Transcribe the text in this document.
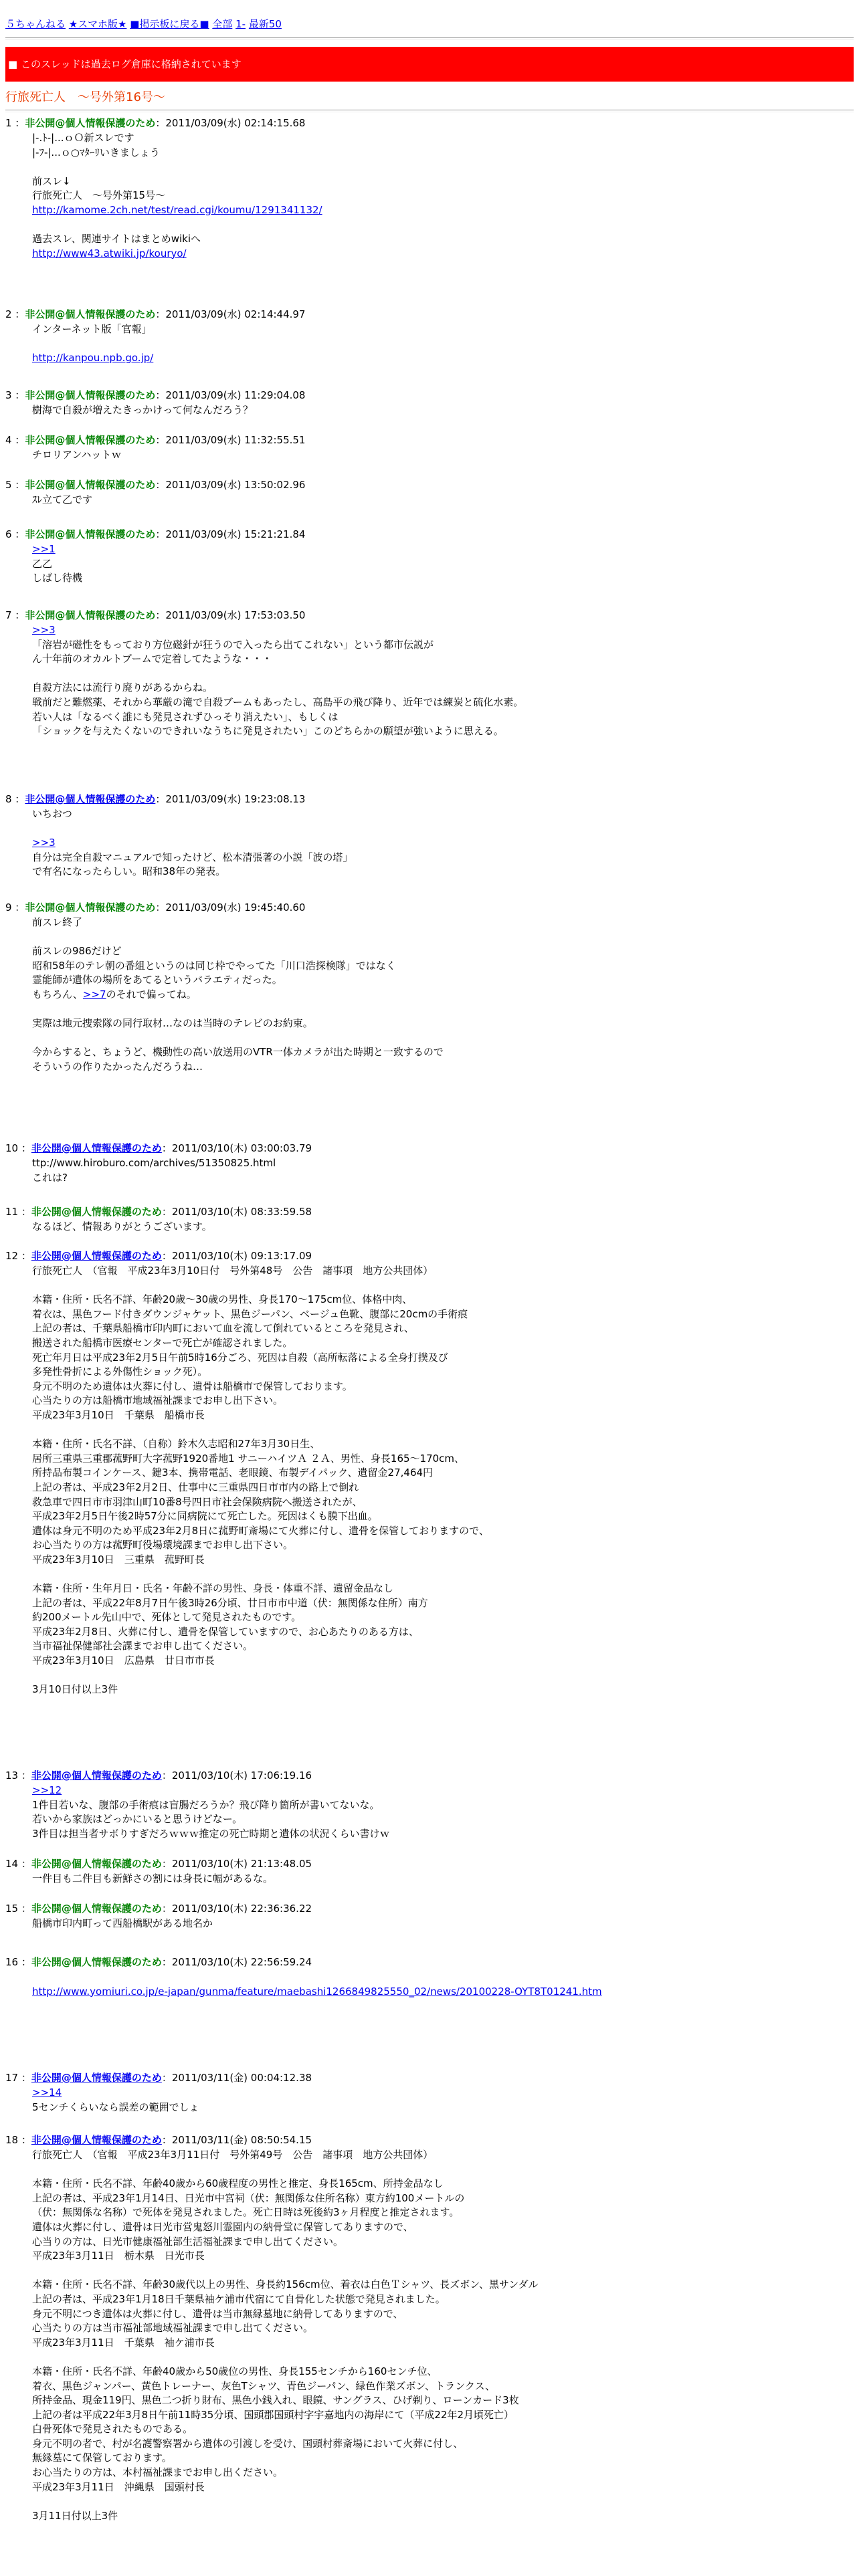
５ちゃんねる ★スマホ版★ ■掲示板に戻る■ 全部 1- 最新50
■ このスレッドは過去ログ倉庫に格納されています
行旅死亡人　～号外第16号～
1 ：非公開@個人情報保護のため：2011/03/09(水) 02:14:15.68
|-.ﾄ-|...ｏＯ新スレです
|-ﾌ-|...ｏ○ﾏﾀｰﾘいきましょう
前スレ↓
行旅死亡人　～号外第15号～
http://kamome.2ch.net/test/read.cgi/koumu/1291341132/
過去スレ、関連サイトはまとめwikiへ
http://www43.atwiki.jp/kouryo/
2 ：非公開@個人情報保護のため：2011/03/09(水) 02:14:44.97
インターネット版「官報」
http://kanpou.npb.go.jp/
3 ：非公開@個人情報保護のため：2011/03/09(水) 11:29:04.08
樹海で自殺が増えたきっかけって何なんだろう？
4 ：非公開@個人情報保護のため：2011/03/09(水) 11:32:55.51
チロリアンハットｗ
5 ：非公開@個人情報保護のため：2011/03/09(水) 13:50:02.96
ｽﾚ立て乙です
6 ：非公開@個人情報保護のため：2011/03/09(水) 15:21:21.84
>>1
乙乙
しばし待機
7 ：非公開@個人情報保護のため：2011/03/09(水) 17:53:03.50
>>3
「溶岩が磁性をもっており方位磁針が狂うので入ったら出てこれない」という都市伝説が
ん十年前のオカルトブームで定着してたような・・・
自殺方法には流行り廃りがあるからね。
戦前だと難燃薬、それから華厳の滝で自殺ブームもあったし、高島平の飛び降り、近年では練炭と硫化水素。
若い人は「なるべく誰にも発見されずひっそり消えたい」、もしくは
「ショックを与えたくないのできれいなうちに発見されたい」このどちらかの願望が強いように思える。
8 ：非公開@個人情報保護のため：2011/03/09(水) 19:23:08.13
いちおつ
>>3
自分は完全自殺マニュアルで知ったけど、松本清張著の小説「波の塔」
で有名になったらしい。昭和38年の発表。
9 ：非公開@個人情報保護のため：2011/03/09(水) 19:45:40.60
前スレ終了
前スレの986だけど
昭和58年のテレ朝の番組というのは同じ枠でやってた「川口浩探検隊」ではなく
霊能師が遺体の場所をあてるというバラエティだった。
もちろん、>>7のそれで偏ってね。
実際は地元捜索隊の同行取材…なのは当時のテレビのお約束。
今からすると、ちょうど、機動性の高い放送用のVTR一体カメラが出た時期と一致するので
そういうの作りたかったんだろうね…
10 ：非公開@個人情報保護のため：2011/03/10(木) 03:00:03.79
ttp://www.hiroburo.com/archives/51350825.html
これは?
11 ：非公開@個人情報保護のため：2011/03/10(木) 08:33:59.58
なるほど、情報ありがとうございます。
12 ：非公開@個人情報保護のため：2011/03/10(木) 09:13:17.09
行旅死亡人　（官報　平成23年3月10日付　号外第48号　公告　諸事項　地方公共団体）
本籍・住所・氏名不詳、年齢20歳～30歳の男性、身長170～175cm位、体格中肉、
着衣は、黒色フード付きダウンジャケット、黒色ジーパン、ベージュ色靴、腹部に20cmの手術痕
上記の者は、千葉県船橋市印内町において血を流して倒れているところを発見され、
搬送された船橋市医療センターで死亡が確認されました。
死亡年月日は平成23年2月5日午前5時16分ごろ、死因は自殺（高所転落による全身打撲及び
多発性骨折による外傷性ショック死）。
身元不明のため遺体は火葬に付し、遺骨は船橋市で保管しております。
心当たりの方は船橋市地域福祉課までお申し出下さい。
平成23年3月10日　千葉県　船橋市長
本籍・住所・氏名不詳、（自称）鈴木久志昭和27年3月30日生、
居所三重県三重郡菰野町大字菰野1920番地1 サニーハイツＡ ２Ａ、男性、身長165～170cm、
所持品布製コインケース、鍵3本、携帯電話、老眼鏡、布製デイパック、遺留金27,464円
上記の者は、平成23年2月2日、仕事中に三重県四日市市内の路上で倒れ
救急車で四日市市羽津山町10番8号四日市社会保険病院へ搬送されたが、
平成23年2月5日午後2時57分に同病院にて死亡した。死因はくも膜下出血。
遺体は身元不明のため平成23年2月8日に菰野町斎場にて火葬に付し、遺骨を保管しておりますので、
お心当たりの方は菰野町役場環境課までお申し出下さい。
平成23年3月10日　三重県　菰野町長
本籍・住所・生年月日・氏名・年齢不詳の男性、身長・体重不詳、遺留金品なし
上記の者は、平成22年8月7日午後3時26分頃、廿日市市中道（伏：無関係な住所）南方
約200メートル先山中で、死体として発見されたものです。
平成23年2月8日、火葬に付し、遺骨を保管していますので、お心あたりのある方は、
当市福祉保健部社会課までお申し出てください。
平成23年3月10日　広島県　廿日市市長
3月10日付以上3件
13 ：非公開@個人情報保護のため：2011/03/10(木) 17:06:19.16
>>12
1件目若いな、腹部の手術痕は盲腸だろうか？飛び降り箇所が書いてないな。
若いから家族はどっかにいると思うけどなー。
3件目は担当者サボりすぎだろｗｗｗ推定の死亡時期と遺体の状況くらい書けｗ
14 ：非公開@個人情報保護のため：2011/03/10(木) 21:13:48.05
一件目も二件目も新鮮さの割には身長に幅があるな。
15 ：非公開@個人情報保護のため：2011/03/10(木) 22:36:36.22
船橋市印内町って西船橋駅がある地名か
16 ：非公開@個人情報保護のため：2011/03/10(木) 22:56:59.24
http://www.yomiuri.co.jp/e-japan/gunma/feature/maebashi1266849825550_02/news/20100228-OYT8T01241.htm
17 ：非公開@個人情報保護のため：2011/03/11(金) 00:04:12.38
>>14
5センチくらいなら誤差の範囲でしょ
18 ：非公開@個人情報保護のため：2011/03/11(金) 08:50:54.15
行旅死亡人　（官報　平成23年3月11日付　号外第49号　公告　諸事項　地方公共団体）
本籍・住所・氏名不詳、年齢40歳から60歳程度の男性と推定、身長165cm、所持金品なし
上記の者は、平成23年1月14日、日光市中宮祠（伏：無関係な住所名称）東方約100メートルの
（伏：無関係な名称）で死体を発見されました。死亡日時は死後約3ヶ月程度と推定されます。
遺体は火葬に付し、遺骨は日光市営鬼怒川霊園内の納骨堂に保管してありますので、
心当りの方は、日光市健康福祉部生活福祉課まで申し出てください。
平成23年3月11日　栃木県　日光市長
本籍・住所・氏名不詳、年齢30歳代以上の男性、身長約156cm位、着衣は白色Ｔシャツ、長ズボン、黒サンダル
上記の者は、平成23年1月18日千葉県袖ケ浦市代宿にて自骨化した状態で発見されました。
身元不明につき遺体は火葬に付し、遺骨は当市無縁墓地に納骨してありますので、
心当たりの方は当市福祉部地域福祉課まで申し出てください。
平成23年3月11日　千葉県　袖ケ浦市長
本籍・住所・氏名不詳、年齢40歳から50歳位の男性、身長155センチから160センチ位、
着衣、黒色ジャンパー、黄色トレーナー、灰色Tシャツ、青色ジーパン、緑色作業ズボン、トランクス、
所持金品、現金119円、黒色二つ折り財布、黒色小銭入れ、眼鏡、サングラス、ひげ剃り、ローンカード3枚
上記の者は平成22年3月8日午前11時35分頃、国頭郡国頭村字宇嘉地内の海岸にて（平成22年2月頃死亡）
白骨死体で発見されたものである。
身元不明の者で、村が名護警察署から遺体の引渡しを受け、国頭村葬斎場において火葬に付し、
無縁墓にて保管しております。
お心当たりの方は、本村福祉課までお申し出ください。
平成23年3月11日　沖縄県　国頭村長
3月11日付以上3件
